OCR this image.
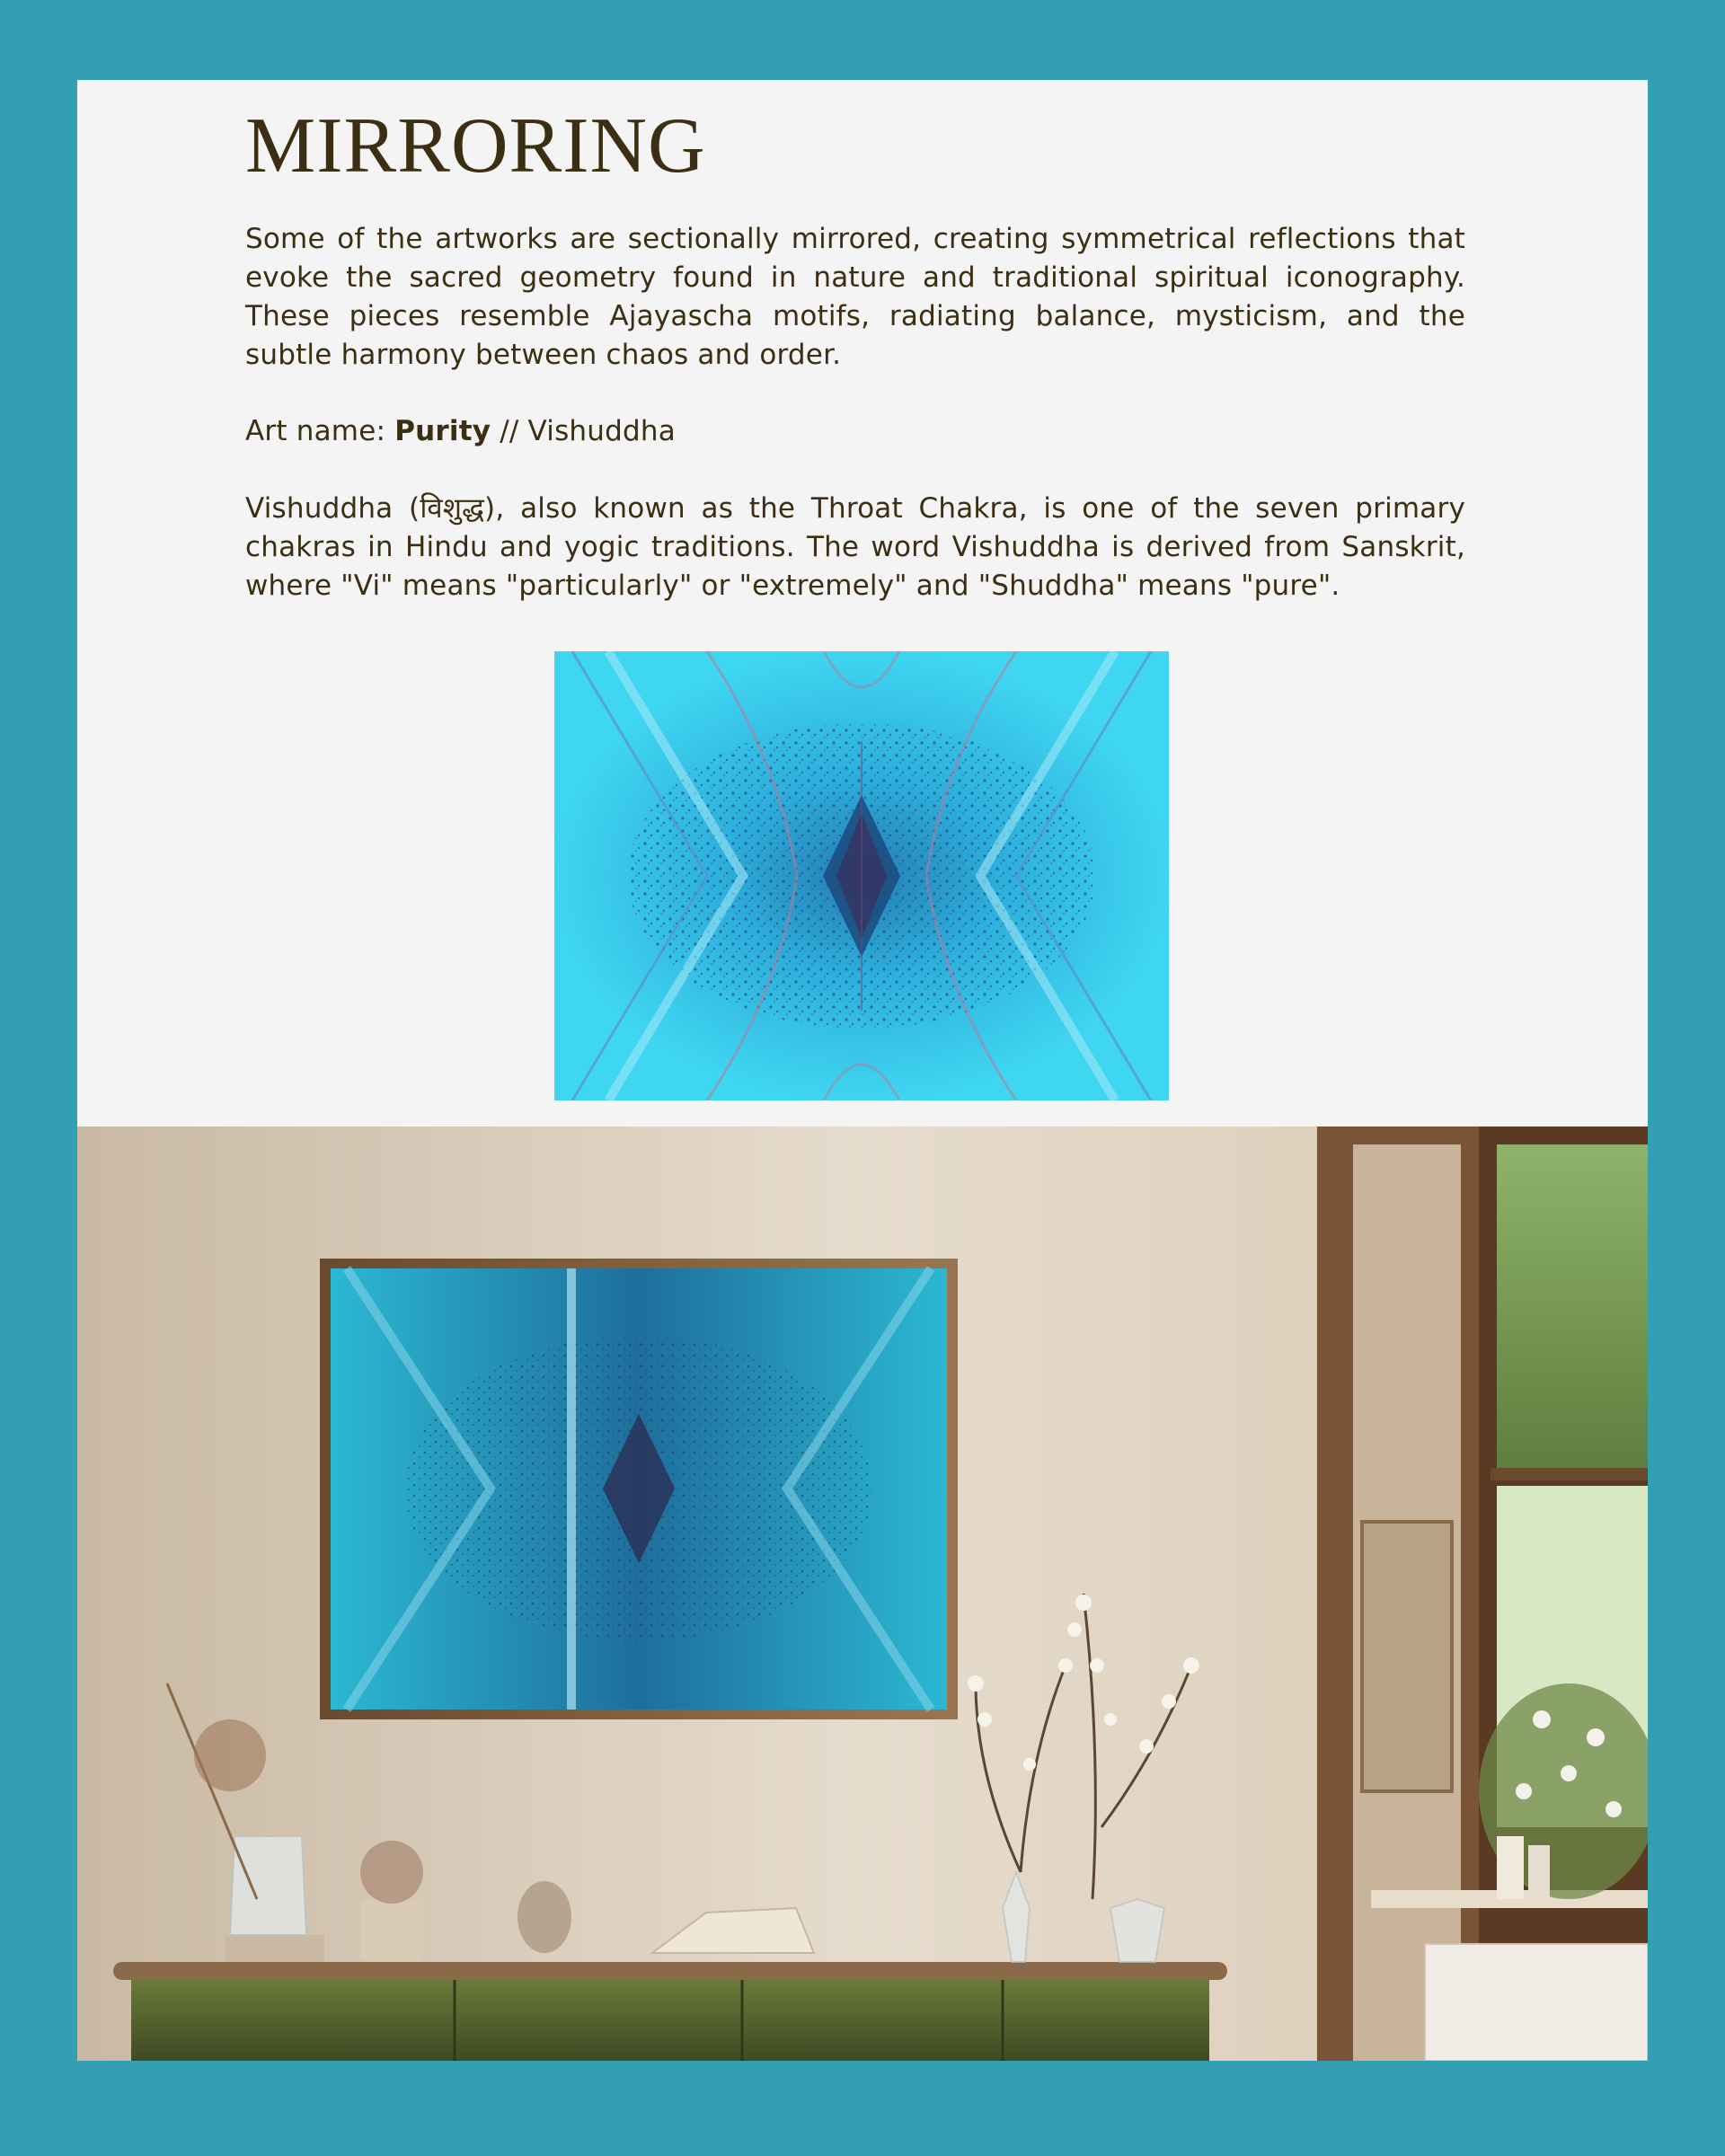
MIRRORING

Some of the artworks are sectionally mirrored, creating symmetrical reflections that evoke the sacred geometry found in nature and traditional spiritual iconography. These pieces resemble Ajayascha motifs, radiating balance, mysticism, and the subtle harmony between chaos and order.

Art name: Purity // Vishuddha

Vishuddha (विशुद्ध), also known as the Throat Chakra, is one of the seven primary chakras in Hindu and yogic traditions. The word Vishuddha is derived from Sanskrit, where "Vi" means "particularly" or "extremely" and "Shuddha" means "pure".
